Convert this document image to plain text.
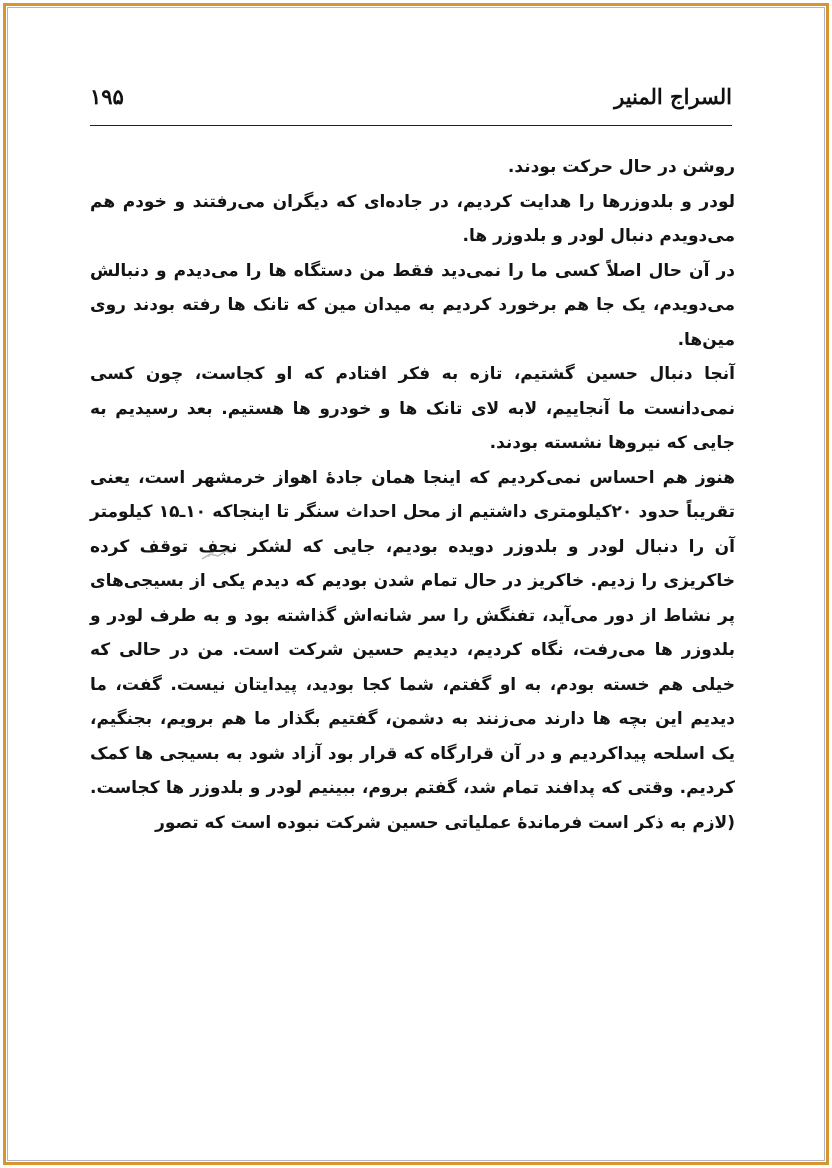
السراج المنیر
۱۹۵

روشن در حال حرکت بودند.

لودر و بلدوزرها را هدایت کردیم، در جاده‌ای که دیگران می‌رفتند و خودم هم می‌دویدم دنبال لودر و بلدوزر ها.

در آن حال اصلاً کسی ما را نمی‌دید فقط من دستگاه ها را می‌دیدم و دنبالش می‌دویدم، یک جا هم برخورد کردیم به میدان مین که تانک ها رفته بودند روی مین‌ها.

آنجا دنبال حسین گشتیم، تازه به فکر افتادم که او کجاست، چون کسی نمی‌دانست ما آنجاییم، لابه لای تانک ها و خودرو ها هستیم. بعد رسیدیم به جایی که نیروها نشسته بودند.

هنوز هم احساس نمی‌کردیم که اینجا همان جادهٔ اهواز خرمشهر است، یعنی تقریباً حدود ۲۰کیلومتری داشتیم از محل احداث سنگر تا اینجاکه ۱۰ـ۱۵ کیلومتر آن را دنبال لودر و بلدوزر دویده بودیم، جایی که لشکر نجف توقف کرده خاکریزی را زدیم. خاکریز در حال تمام شدن بودیم که دیدم یکی از بسیجی‌های پر نشاط از دور می‌آید، تفنگش را سر شانه‌اش گذاشته بود و به طرف لودر و بلدوزر ها می‌رفت، نگاه کردیم، دیدیم حسین شرکت است. من در حالی که خیلی هم خسته بودم، به او گفتم، شما کجا بودید، پیدایتان نیست. گفت، ما دیدیم این بچه ها دارند می‌زنند به دشمن، گفتیم بگذار ما هم برویم، بجنگیم، یک اسلحه پیداکردیم و در آن قرارگاه که قرار بود آزاد شود به بسیجی ها کمک کردیم. وقتی که پدافند تمام شد، گفتم بروم، ببینیم لودر و بلدوزر ها کجاست. (لازم به ذکر است فرماندهٔ عملیاتی حسین شرکت نبوده است که تصور
